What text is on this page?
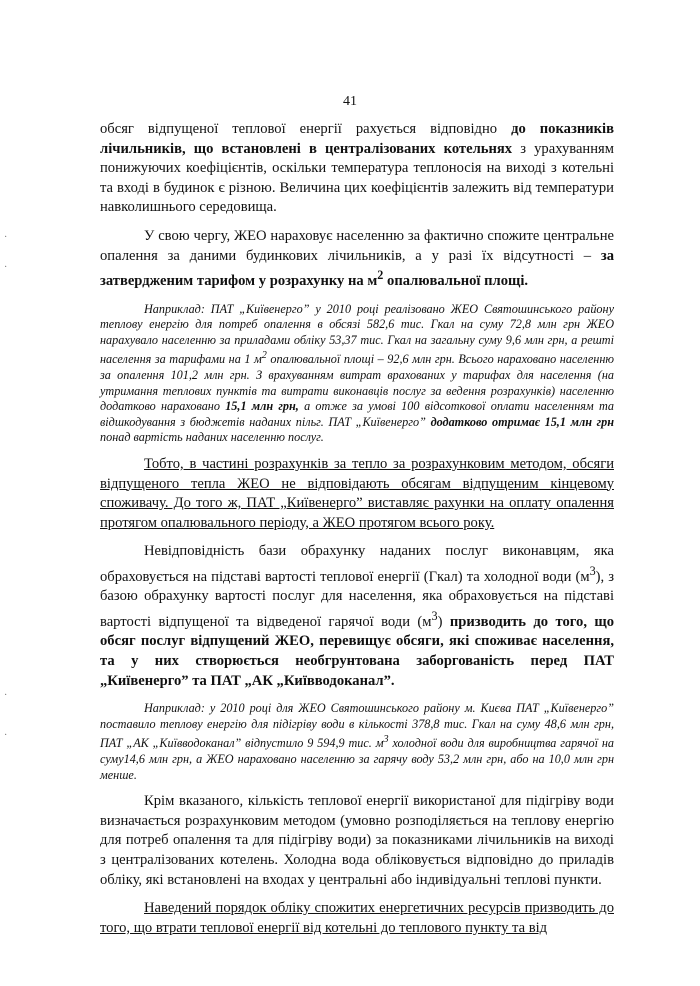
41

обсяг відпущеної теплової енергії рахується відповідно до показників лічильників, що встановлені в централізованих котельнях з урахуванням понижуючих коефіцієнтів, оскільки температура теплоносія на виході з котельні та вході в будинок є різною. Величина цих коефіцієнтів залежить від температури навколишнього середовища.

У свою чергу, ЖЕО нараховує населенню за фактично спожите центральне опалення за даними будинкових лічильників, а у разі їх відсутності – за затвердженим тарифом у розрахунку на $м^2$ опалювальної площі.

Наприклад: ПАТ „Київенерго” у 2010 році реалізовано ЖЕО Святошинського району теплову енергію для потреб опалення в обсязі 582,6 тис. Гкал на суму 72,8 млн грн ЖЕО нарахувало населенню за приладами обліку 53,37 тис. Гкал на загальну суму 9,6 млн грн, а решті населення за тарифами на 1 $м^2$ опалювальної площі – 92,6 млн грн. Всього нараховано населенню за опалення 101,2 млн грн. З врахуванням витрат врахованих у тарифах для населення (на утримання теплових пунктів та витрати виконавців послуг за ведення розрахунків) населенню додатково нараховано 15,1 млн грн, а отже за умові 100 відсоткової оплати населенням та відшкодування з бюджетів наданих пільг. ПАТ „Київенерго” додатково отримає 15,1 млн грн понад вартість наданих населенню послуг.

Тобто, в частині розрахунків за тепло за розрахунковим методом, обсяги відпущеного тепла ЖЕО не відповідають обсягам відпущеним кінцевому споживачу. До того ж, ПАТ „Київенерго” виставляє рахунки на оплату опалення протягом опалювального періоду, а ЖЕО протягом всього року.

Невідповідність бази обрахунку наданих послуг виконавцям, яка обраховується на підставі вартості теплової енергії (Гкал) та холодної води $(м^3)$, з базою обрахунку вартості послуг для населення, яка обраховується на підставі вартості відпущеної та відведеної гарячої води $(м^3)$ призводить до того, що обсяг послуг відпущений ЖЕО, перевищує обсяги, які споживає населення, та у них створюється необгрунтована заборгованість перед ПАТ „Київенерго” та ПАТ „АК „Київводоканал”.

Наприклад: у 2010 році для ЖЕО Святошинського району м. Києва ПАТ „Київенерго” поставило теплову енергію для підігріву води в кількості 378,8 тис. Гкал на суму 48,6 млн грн, ПАТ „АК „Київводоканал” відпустило 9 594,9 тис. $м^3$ холодної води для виробництва гарячої на суму14,6 млн грн, а ЖЕО нараховано населенню за гарячу воду 53,2 млн грн, або на 10,0 млн грн менше.

Крім вказаного, кількість теплової енергії використаної для підігріву води визначається розрахунковим методом (умовно розподіляється на теплову енергію для потреб опалення та для підігріву води) за показниками лічильників на виході з централізованих котелень. Холодна вода обліковується відповідно до приладів обліку, які встановлені на входах у центральні або індивідуальні теплові пункти.

Наведений порядок обліку спожитих енергетичних ресурсів призводить до того, що втрати теплової енергії від котельні до теплового пункту та від

·
·
·
·
